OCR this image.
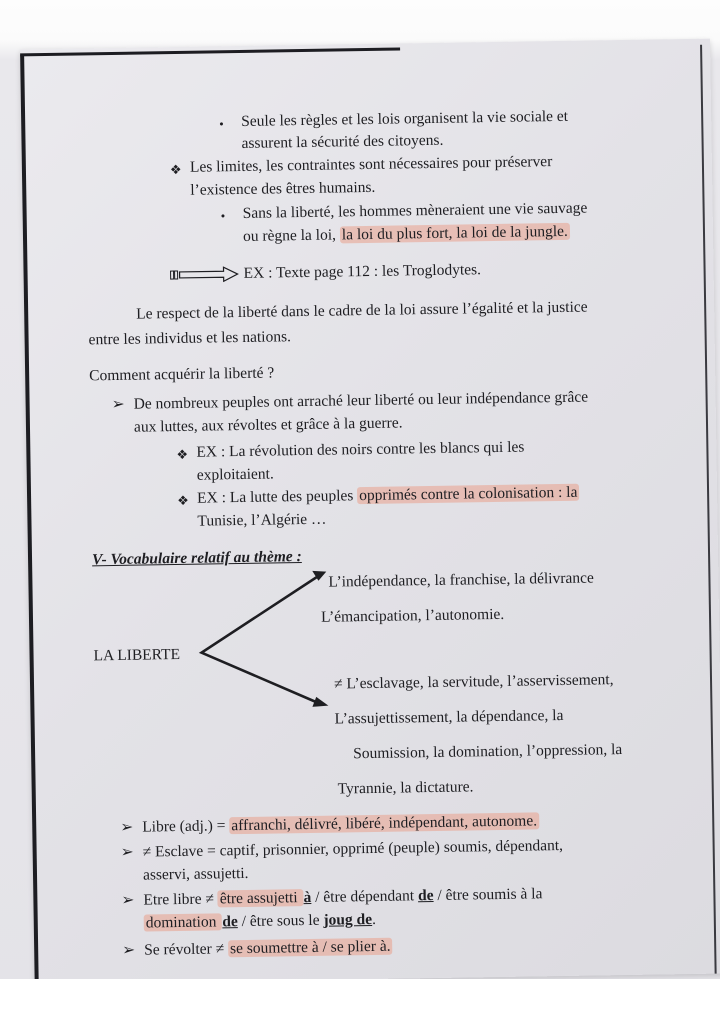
• Seule les règles et les lois organisent la vie sociale et
assurent la sécurité des citoyens.
❖ Les limites, les contraintes sont nécessaires pour préserver
l’existence des êtres humains.
• Sans la liberté, les hommes mèneraient une vie sauvage
ou règne la loi, la loi du plus fort, la loi de la jungle.
EX : Texte page 112 : les Troglodytes.
Le respect de la liberté dans le cadre de la loi assure l’égalité et la justice
entre les individus et les nations.
Comment acquérir la liberté ?
➢ De nombreux peuples ont arraché leur liberté ou leur indépendance grâce
aux luttes, aux révoltes et grâce à la guerre.
❖ EX : La révolution des noirs contre les blancs qui les
exploitaient.
❖ EX : La lutte des peuples opprimés contre la colonisation : la
Tunisie, l’Algérie …
V- Vocabulaire relatif au thème :
LA LIBERTE
L’indépendance, la franchise, la délivrance
L’émancipation, l’autonomie.
≠ L’esclavage, la servitude, l’asservissement,
L’assujettissement, la dépendance, la
Soumission, la domination, l’oppression, la
Tyrannie, la dictature.
➢ Libre (adj.) = affranchi, délivré, libéré, indépendant, autonome.
➢ ≠ Esclave = captif, prisonnier, opprimé (peuple) soumis, dépendant,
asservi, assujetti.
➢ Etre libre ≠ être assujetti à / être dépendant de / être soumis à la
domination de / être sous le joug de.
➢ Se révolter ≠ se soumettre à / se plier à.
